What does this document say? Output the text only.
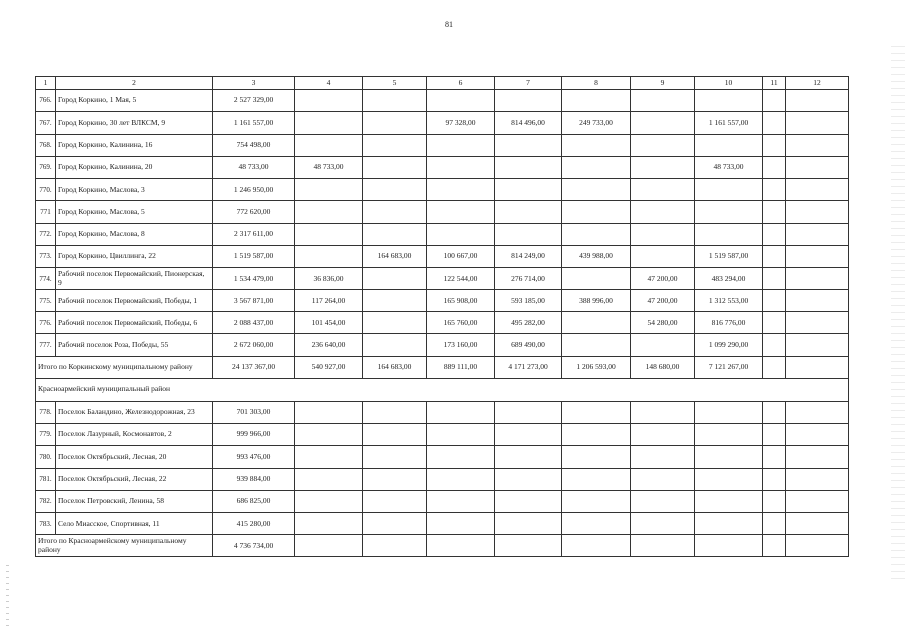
81
1	2	3	4	5	6	7	8	9	10	11	12
766.	Город Коркино, 1 Мая, 5	2 527 329,00									
767.	Город Коркино, 30 лет ВЛКСМ, 9	1 161 557,00			97 328,00	814 496,00	249 733,00		1 161 557,00		
768.	Город Коркино, Калинина, 16	754 498,00									
769.	Город Коркино, Калинина, 20	48 733,00	48 733,00						48 733,00		
770.	Город Коркино, Маслова, 3	1 246 950,00									
771	Город Коркино, Маслова, 5	772 620,00									
772.	Город Коркино, Маслова, 8	2 317 611,00									
773.	Город Коркино, Цвиллинга, 22	1 519 587,00		164 683,00	100 667,00	814 249,00	439 988,00		1 519 587,00		
774.	Рабочий поселок Первомайский, Пионерская, 9	1 534 479,00	36 836,00		122 544,00	276 714,00		47 200,00	483 294,00		
775.	Рабочий поселок Первомайский, Победы, 1	3 567 871,00	117 264,00		165 908,00	593 185,00	388 996,00	47 200,00	1 312 553,00		
776.	Рабочий поселок Первомайский, Победы, 6	2 088 437,00	101 454,00		165 760,00	495 282,00		54 280,00	816 776,00		
777.	Рабочий поселок Роза, Победы, 55	2 672 060,00	236 640,00		173 160,00	689 490,00			1 099 290,00		
Итого по Коркинскому муниципальному району		24 137 367,00	540 927,00	164 683,00	889 111,00	4 171 273,00	1 206 593,00	148 680,00	7 121 267,00		
Красноармейский муниципальный район											
778.	Поселок Баландино, Железнодорожная, 23	701 303,00									
779.	Поселок Лазурный, Космонавтов, 2	999 966,00									
780.	Поселок Октябрьский, Лесная, 20	993 476,00									
781.	Поселок Октябрьский, Лесная, 22	939 884,00									
782.	Поселок Петровский, Ленина, 58	686 825,00									
783.	Село Миасское, Спортивная, 11	415 280,00									
Итого по Красноармейскому муниципальному району		4 736 734,00									
